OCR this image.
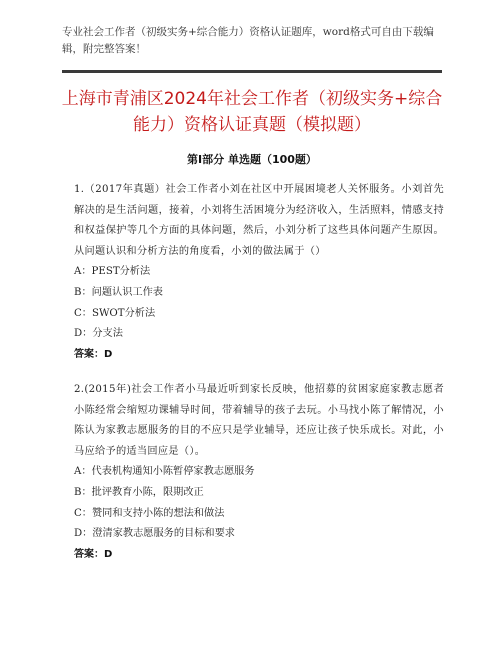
专业社会工作者（初级实务+综合能力）资格认证题库，word格式可自由下载编辑，附完整答案！
上海市青浦区2024年社会工作者（初级实务+综合能力）资格认证真题（模拟题）
第Ⅰ部分 单选题（100题）

1.（2017年真题）社会工作者小刘在社区中开展困境老人关怀服务。小刘首先解决的是生活问题，接着，小刘将生活困境分为经济收入，生活照料，情感支持和权益保护等几个方面的具体问题，然后，小刘分析了这些具体问题产生原因。从问题认识和分析方法的角度看，小刘的做法属于（）

A：PEST分析法
B：问题认识工作表
C：SWOT分析法
D：分支法

答案：D

2.(2015年)社会工作者小马最近听到家长反映，他招募的贫困家庭家教志愿者小陈经常会缩短功课辅导时间，带着辅导的孩子去玩。小马找小陈了解情况，小陈认为家教志愿服务的目的不应只是学业辅导，还应让孩子快乐成长。对此，小马应给予的适当回应是（）。

A：代表机构通知小陈暂停家教志愿服务
B：批评教育小陈，限期改正
C：赞同和支持小陈的想法和做法
D：澄清家教志愿服务的目标和要求

答案：D
